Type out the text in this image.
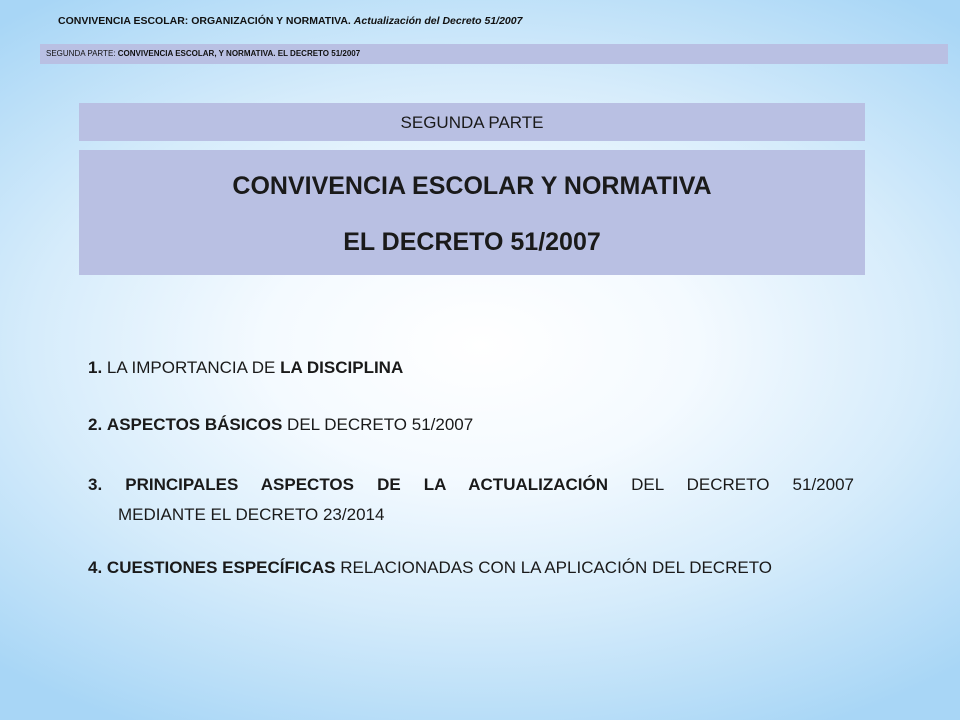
CONVIVENCIA ESCOLAR: ORGANIZACIÓN Y NORMATIVA. Actualización del Decreto 51/2007
SEGUNDA PARTE: CONVIVENCIA ESCOLAR, Y NORMATIVA. EL DECRETO 51/2007
SEGUNDA PARTE
CONVIVENCIA ESCOLAR Y NORMATIVA
EL DECRETO 51/2007
1. LA IMPORTANCIA DE LA DISCIPLINA
2. ASPECTOS BÁSICOS DEL DECRETO 51/2007
3. PRINCIPALES ASPECTOS DE LA ACTUALIZACIÓN DEL DECRETO 51/2007
MEDIANTE EL DECRETO 23/2014
4. CUESTIONES ESPECÍFICAS RELACIONADAS CON LA APLICACIÓN DEL DECRETO
